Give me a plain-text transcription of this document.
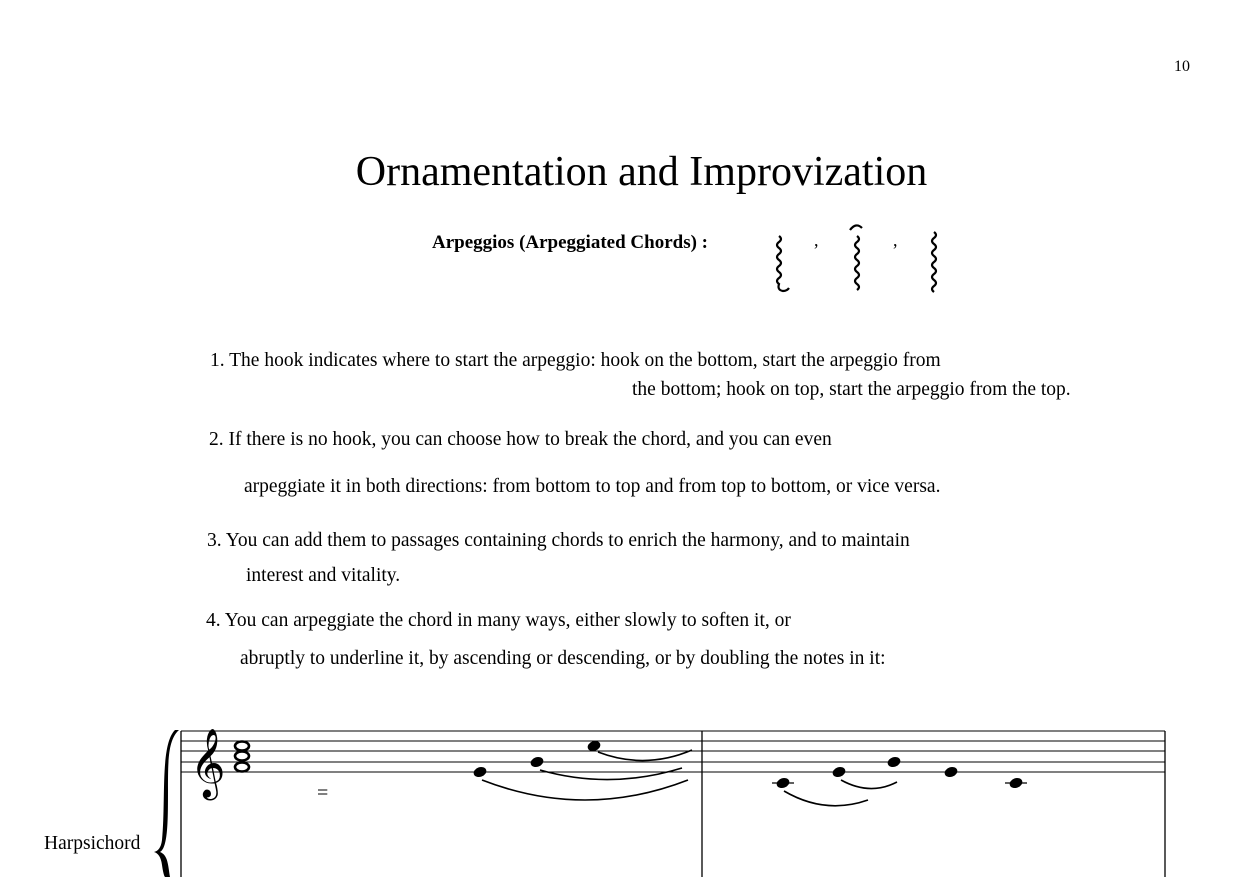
10
Ornamentation and Improvization
Arpeggios (Arpeggiated Chords) :	,	,
1. The hook indicates where to start the arpeggio: hook on the bottom, start the arpeggio from
the bottom; hook on top, start the arpeggio from the top.
2. If there is no hook, you can choose how to break the chord, and you can even
arpeggiate it in both directions: from bottom to top and from top to bottom, or vice versa.
3. You can add them to passages containing chords to enrich the harmony, and to maintain
interest and vitality.
4. You can arpeggiate the chord in many ways, either slowly to soften it, or
abruptly to underline it, by ascending or descending, or by doubling the notes in it:
𝄞	=
Harpsichord
